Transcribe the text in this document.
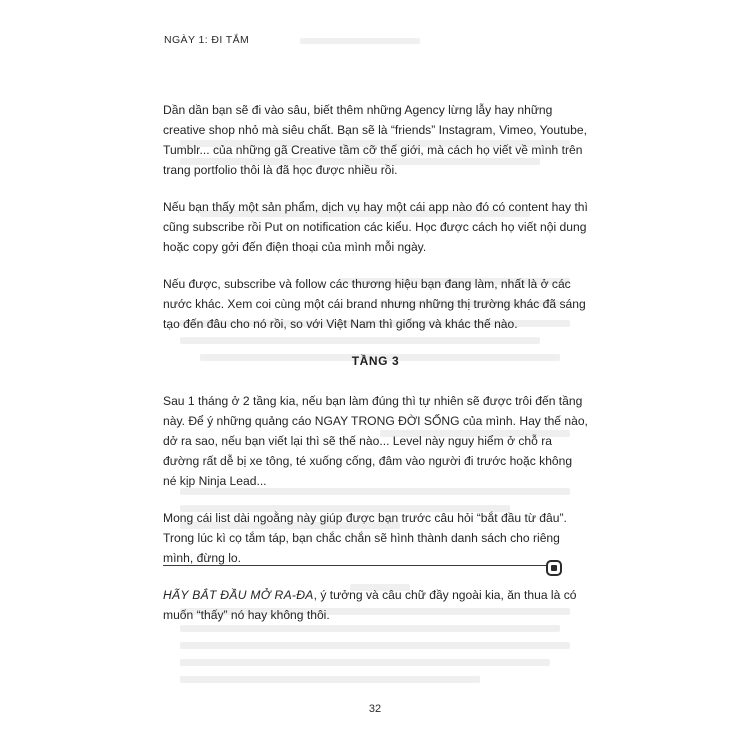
NGÀY 1: ĐI TẮM

Dần dần bạn sẽ đi vào sâu, biết thêm những Agency lừng lẫy hay những creative shop nhỏ mà siêu chất. Bạn sẽ là “friends” Instagram, Vimeo, Youtube, Tumblr... của những gã Creative tầm cỡ thế giới, mà cách họ viết về mình trên trang portfolio thôi là đã học được nhiều rồi.

Nếu bạn thấy một sản phẩm, dịch vụ hay một cái app nào đó có content hay thì cũng subscribe rồi Put on notification các kiểu. Học được cách họ viết nội dung hoặc copy gởi đến điện thoại của mình mỗi ngày.

Nếu được, subscribe và follow các thương hiệu bạn đang làm, nhất là ở các nước khác. Xem coi cùng một cái brand nhưng những thị trường khác đã sáng tạo đến đâu cho nó rồi, so với Việt Nam thì giống và khác thế nào.

TẦNG 3

Sau 1 tháng ở 2 tầng kia, nếu bạn làm đúng thì tự nhiên sẽ được trôi đến tầng này. Để ý những quảng cáo NGAY TRONG ĐỜI SỐNG của mình. Hay thế nào, dở ra sao, nếu bạn viết lại thì sẽ thế nào... Level này nguy hiểm ở chỗ ra đường rất dễ bị xe tông, té xuống cống, đâm vào người đi trước hoặc không né kịp Ninja Lead...

Mong cái list dài ngoằng này giúp được bạn trước câu hỏi “bắt đầu từ đâu”. Trong lúc kì cọ tắm táp, bạn chắc chắn sẽ hình thành danh sách cho riêng mình, đừng lo.

HÃY BẮT ĐẦU MỞ RA-ĐA, ý tưởng và câu chữ đầy ngoài kia, ăn thua là có muốn “thấy” nó hay không thôi.

32
